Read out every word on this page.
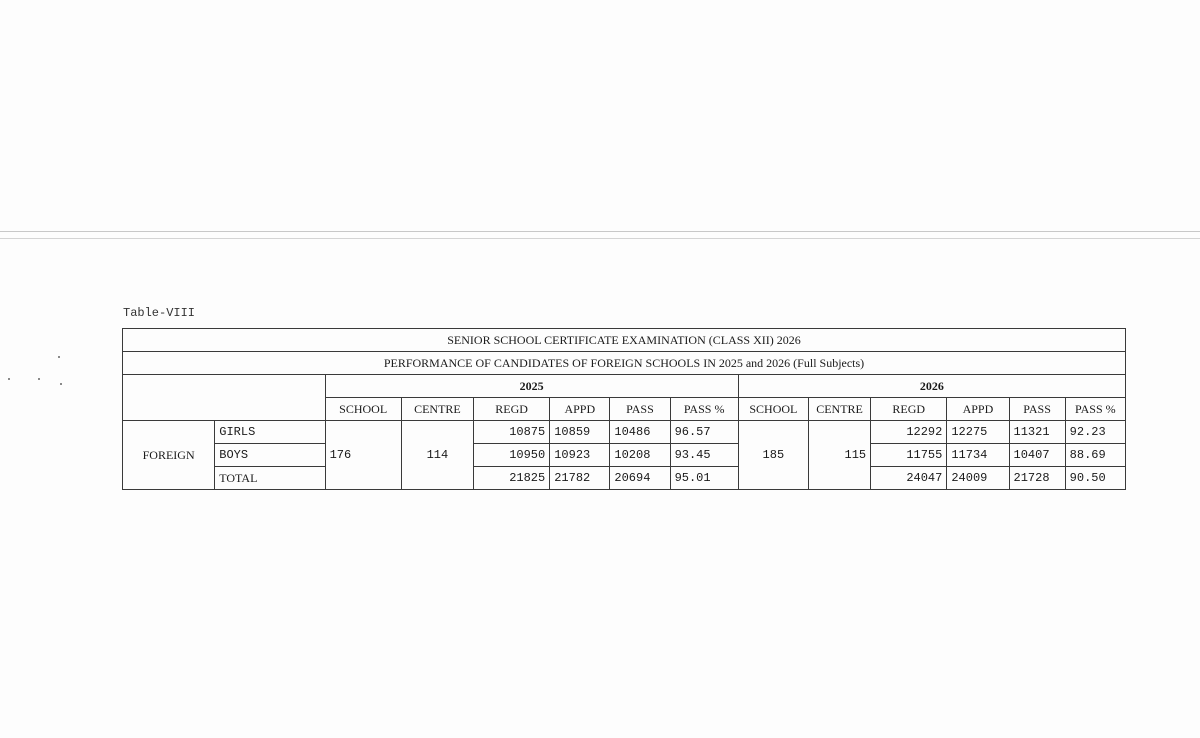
Table-VIII
SENIOR SCHOOL CERTIFICATE EXAMINATION (CLASS XII) 2026													
PERFORMANCE OF CANDIDATES OF FOREIGN SCHOOLS IN 2025 and 2026 (Full Subjects)													
		2025						2026					
		SCHOOL	CENTRE	REGD	APPD	PASS	PASS %	SCHOOL	CENTRE	REGD	APPD	PASS	PASS %
FOREIGN	GIRLS	176	114	10875	10859	10486	96.57	185	115	12292	12275	11321	92.23
	BOYS			10950	10923	10208	93.45			11755	11734	10407	88.69
	TOTAL			21825	21782	20694	95.01			24047	24009	21728	90.50
